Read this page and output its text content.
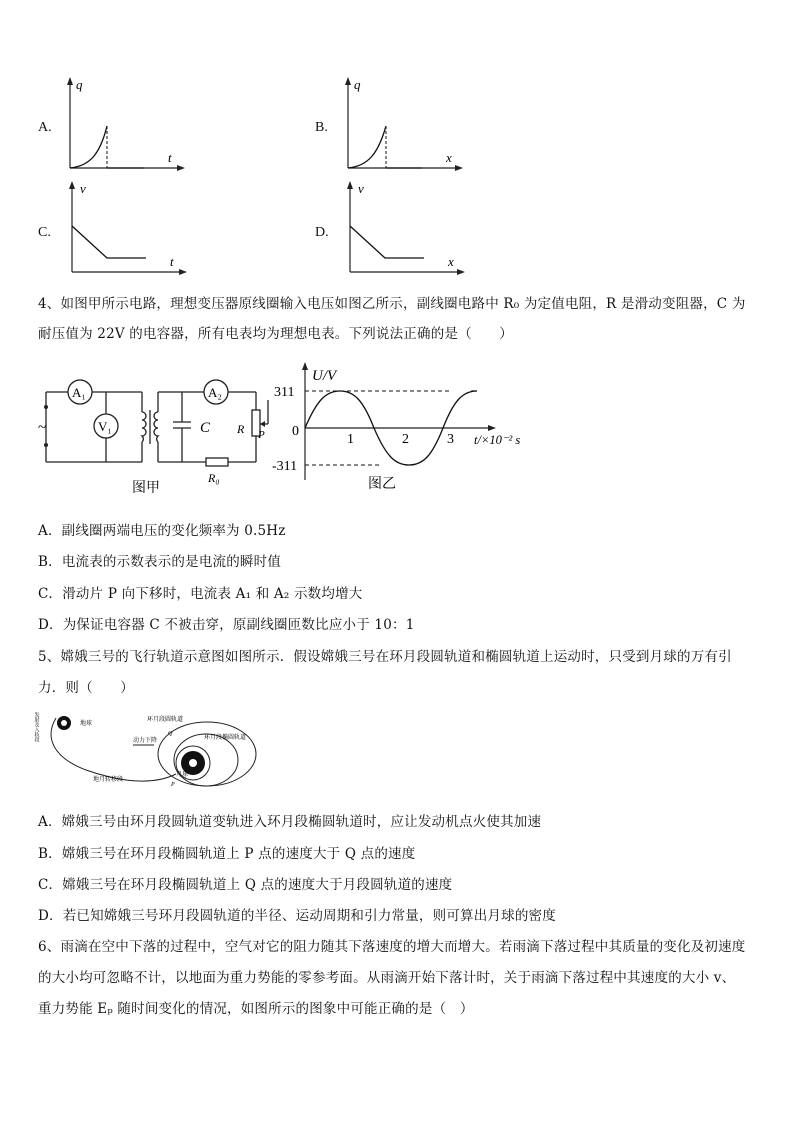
A.
q
t
B.
q
x
C.
v
t
D.
v
x
4、如图甲所示电路，理想变压器原线圈输入电压如图乙所示，副线圈电路中 R₀ 为定值电阻，R 是滑动变阻器，C 为
耐压值为 22V 的电容器，所有电表均为理想电表。下列说法正确的是（　　）
~
A₁
V₁
A₂
C R P
R₀
图甲
U/V
311
0
-311
1	2	3 t/×10⁻² s
图乙
A．副线圈两端电压的变化频率为 0.5Hz
B．电流表的示数表示的是电流的瞬时值
C．滑动片 P 向下移时，电流表 A₁ 和 A₂ 示数均增大
D．为保证电容器 C 不被击穿，原副线圈匝数比应小于 10：1
5、嫦娥三号的飞行轨道示意图如图所示．假设嫦娥三号在环月段圆轨道和椭圆轨道上运动时，只受到月球的万有引
力．则（　　）
发射及入轨段	地球
环月段圆轨道
环月段椭圆轨道
动力下降
地月转移段
月球
Q
P
A．嫦娥三号由环月段圆轨道变轨进入环月段椭圆轨道时，应让发动机点火使其加速
B．嫦娥三号在环月段椭圆轨道上 P 点的速度大于 Q 点的速度
C．嫦娥三号在环月段椭圆轨道上 Q 点的速度大于月段圆轨道的速度
D．若已知嫦娥三号环月段圆轨道的半径、运动周期和引力常量，则可算出月球的密度
6、雨滴在空中下落的过程中，空气对它的阻力随其下落速度的增大而增大。若雨滴下落过程中其质量的变化及初速度
的大小均可忽略不计，以地面为重力势能的零参考面。从雨滴开始下落计时，关于雨滴下落过程中其速度的大小 v、
重力势能 Eₚ 随时间变化的情况，如图所示的图象中可能正确的是（　）
